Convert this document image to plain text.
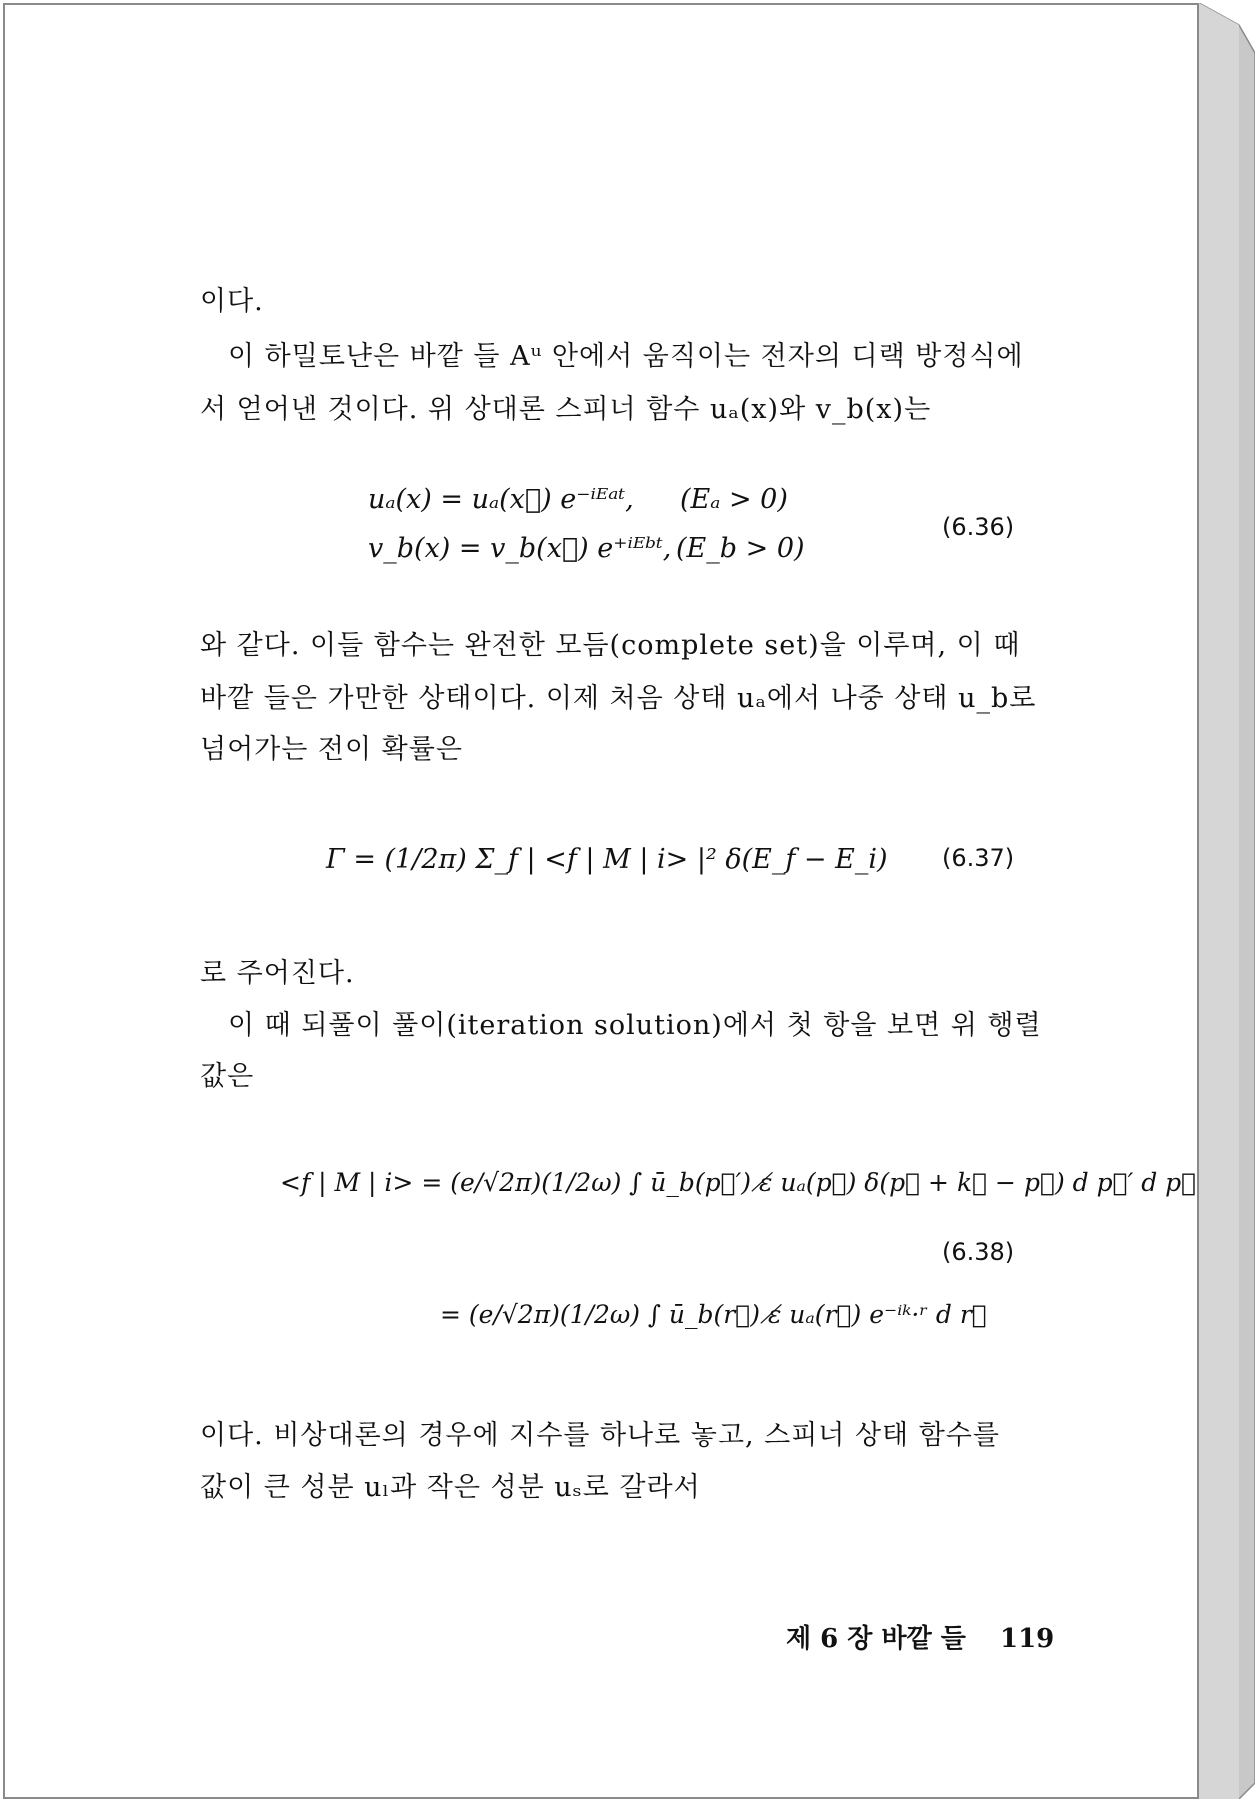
이다.
이 하밀토냔은 바깥 들 Aᵘ 안에서 움직이는 전자의 디랙 방정식에
서 얻어낸 것이다. 위 상대론 스피너 함수 uₐ(x)와 v_b(x)는
uₐ(x) = uₐ(x⃗) e⁻ⁱᴱᵃᵗ, (Eₐ > 0)
v_b(x) = v_b(x⃗) e⁺ⁱᴱᵇᵗ, (E_b > 0)
(6.36)
와 같다. 이들 함수는 완전한 모듬(complete set)을 이루며, 이 때
바깥 들은 가만한 상태이다. 이제 처음 상태 uₐ에서 나중 상태 u_b로
넘어가는 전이 확률은
Γ = (1/2π) Σ_f | <f | M | i> |² δ(E_f − E_i) (6.37)
로 주어진다.
이 때 되풀이 풀이(iteration solution)에서 첫 항을 보면 위 행렬
값은
<f | M | i> = (e/√2π)(1/2ω) ∫ ū_b(p⃗′) ε̸ uₐ(p⃗) δ(p⃗ + k⃗ − p⃗) d p⃗′ d p⃗
(6.38)
= (e/√2π)(1/2ω) ∫ ū_b(r⃗) ε̸ uₐ(r⃗) e⁻ⁱᵏ·ʳ d r⃗
이다. 비상대론의 경우에 지수를 하나로 놓고, 스피너 상태 함수를
값이 큰 성분 uₗ과 작은 성분 uₛ로 갈라서
제 6 장 바깥 들 119
